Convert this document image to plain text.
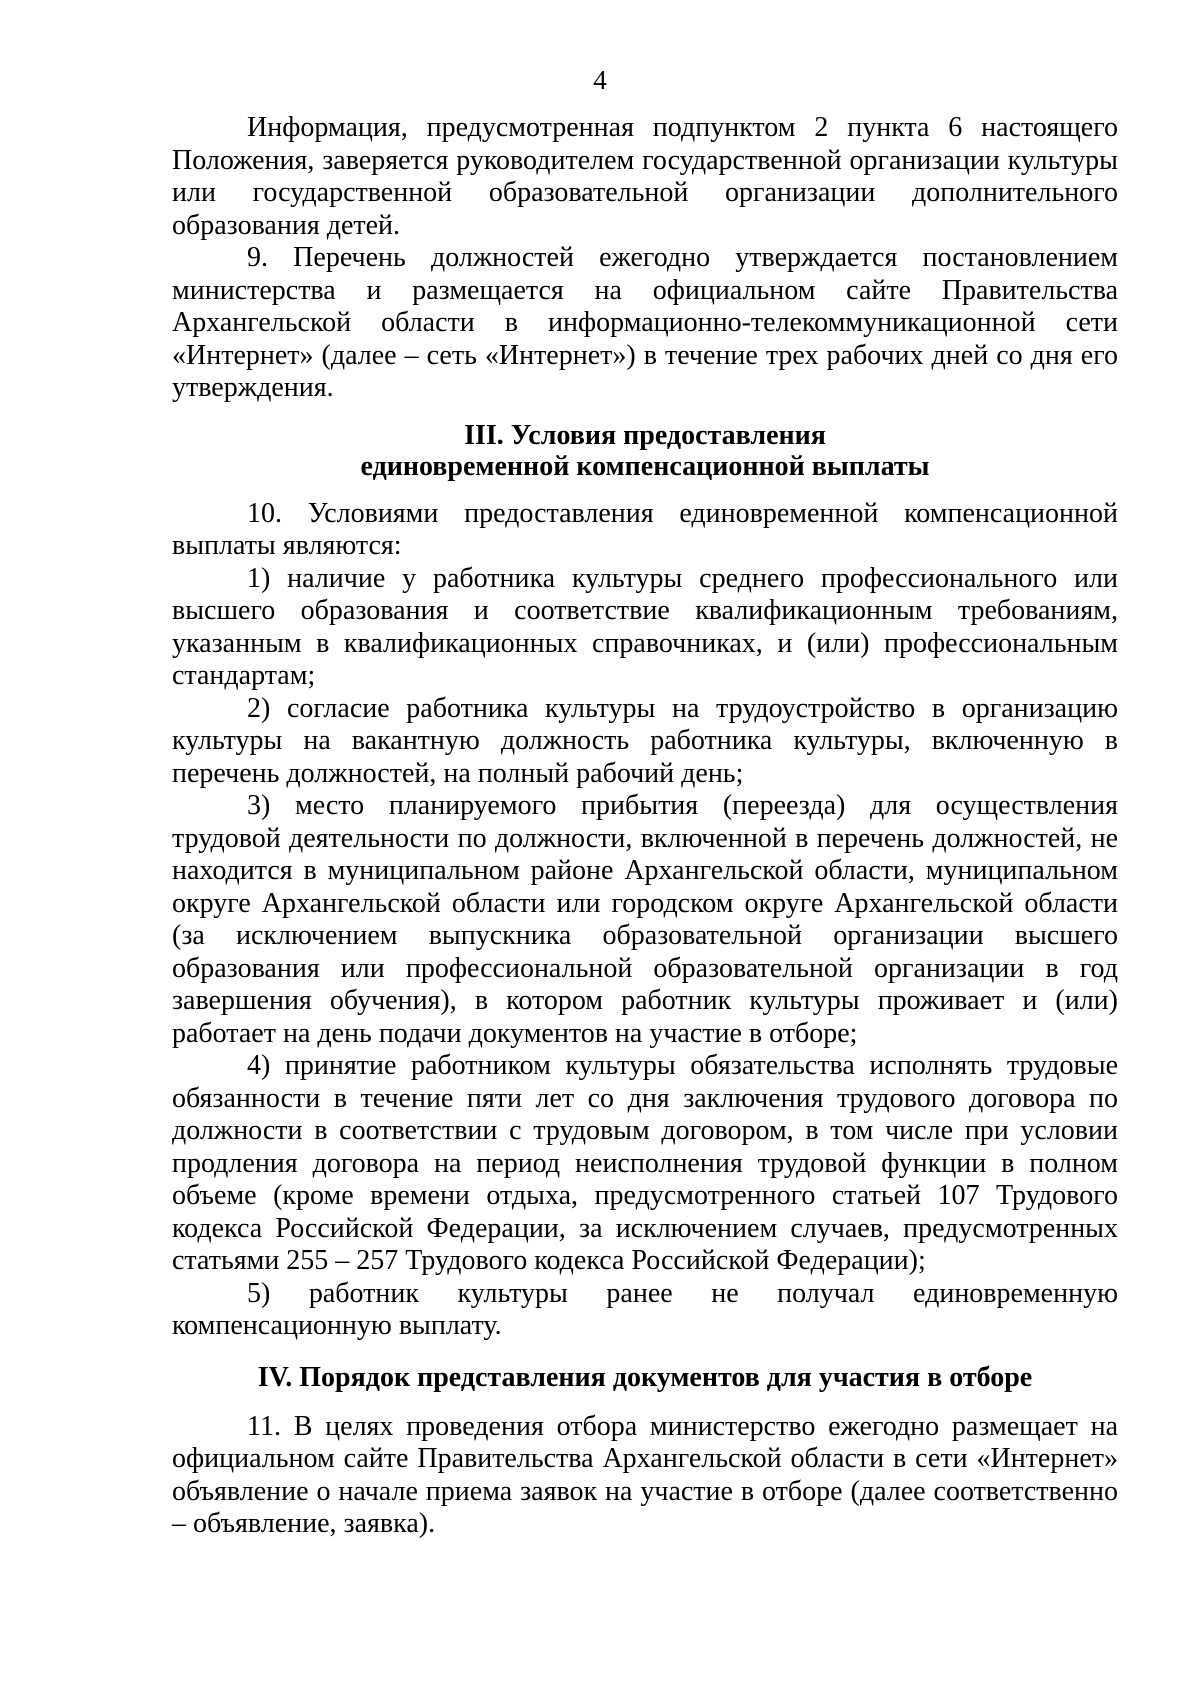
4

Информация, предусмотренная подпунктом 2 пункта 6 настоящего Положения, заверяется руководителем государственной организации культуры или государственной образовательной организации дополнительного образования детей.

9. Перечень должностей ежегодно утверждается постановлением министерства и размещается на официальном сайте Правительства Архангельской области в информационно-телекоммуникационной сети «Интернет» (далее – сеть «Интернет») в течение трех рабочих дней со дня его утверждения.

III. Условия предоставления
единовременной компенсационной выплаты

10. Условиями предоставления единовременной компенсационной выплаты являются:

1) наличие у работника культуры среднего профессионального или высшего образования и соответствие квалификационным требованиям, указанным в квалификационных справочниках, и (или) профессиональным стандартам;

2) согласие работника культуры на трудоустройство в организацию культуры на вакантную должность работника культуры, включенную в перечень должностей, на полный рабочий день;

3) место планируемого прибытия (переезда) для осуществления трудовой деятельности по должности, включенной в перечень должностей, не находится в муниципальном районе Архангельской области, муниципальном округе Архангельской области или городском округе Архангельской области (за исключением выпускника образовательной организации высшего образования или профессиональной образовательной организации в год завершения обучения), в котором работник культуры проживает и (или) работает на день подачи документов на участие в отборе;

4) принятие работником культуры обязательства исполнять трудовые обязанности в течение пяти лет со дня заключения трудового договора по должности в соответствии с трудовым договором, в том числе при условии продления договора на период неисполнения трудовой функции в полном объеме (кроме времени отдыха, предусмотренного статьей 107 Трудового кодекса Российской Федерации, за исключением случаев, предусмотренных статьями 255 – 257 Трудового кодекса Российской Федерации);

5) работник культуры ранее не получал единовременную компенсационную выплату.

IV. Порядок представления документов для участия в отборе

11. В целях проведения отбора министерство ежегодно размещает на официальном сайте Правительства Архангельской области в сети «Интернет» объявление о начале приема заявок на участие в отборе (далее соответственно – объявление, заявка).
